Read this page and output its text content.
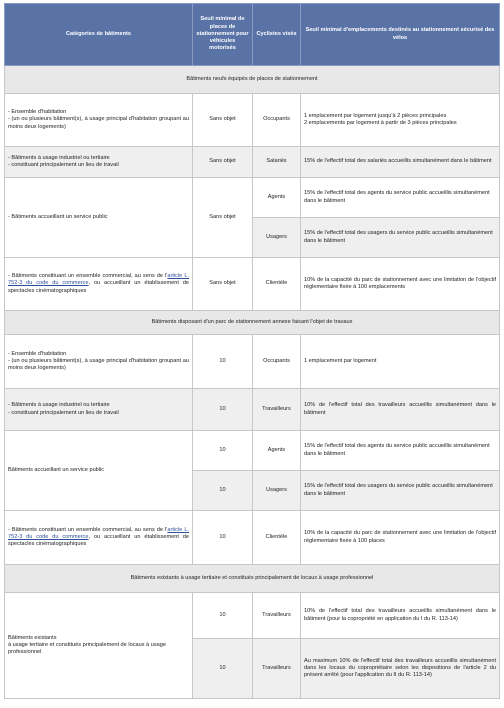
Catégories de bâtiments	Seuil minimal de places de stationnement pour véhicules motorisés	Cyclistes visés	Seuil minimal d'emplacements destinés au stationnement sécurisé des vélos
Bâtiments neufs équipés de places de stationnement			
- Ensemble d'habitation
- (un ou plusieurs bâtiment(s), à usage principal d'habitation groupant au moins deux logements)	Sans objet	Occupants	1 emplacement par logement jusqu'à 2 pièces principales
2 emplacements par logement à partir de 3 pièces principales
- Bâtiments à usage industriel ou tertiaire
- constituant principalement un lieu de travail	Sans objet	Salariés	15% de l'effectif total des salariés accueillis simultanément dans le bâtiment
- Bâtiments accueillant un service public	Sans objet	Agents	15% de l'effectif total des agents du service public accueillis simultanément dans le bâtiment
		Usagers	15% de l'effectif total des usagers du service public accueillis simultanément dans le bâtiment
- Bâtiments constituant un ensemble commercial, au sens de l'article L. 752-3 du code du commerce, ou accueillant un établissement de spectacles cinématographiques	Sans objet	Clientèle	10% de la capacité du parc de stationnement avec une limitation de l'objectif réglementaire fixée à 100 emplacements
Bâtiments disposant d'un parc de stationnement annexe faisant l'objet de travaux			
- Ensemble d'habitation
- (un ou plusieurs bâtiment(s), à usage principal d'habitation groupant au moins deux logements)	10	Occupants	1 emplacement par logement
- Bâtiments à usage industriel ou tertiaire
- constituant principalement un lieu de travail	10	Travailleurs	10% de l'effectif total des travailleurs accueillis simultanément dans le bâtiment
Bâtiments accueillant un service public	10	Agents	15% de l'effectif total des agents du service public accueillis simultanément dans le bâtiment
	10	Usagers	15% de l'effectif total des usagers du service public accueillis simultanément dans le bâtiment
- Bâtiments constituant un ensemble commercial, au sens de l'article L. 752-3 du code du commerce, ou accueillant un établissement de spectacles cinématographiques	10	Clientèle	10% de la capacité du parc de stationnement avec une limitation de l'objectif réglementaire fixée à 100 places
Bâtiments existants à usage tertiaire et constitués principalement de locaux à usage professionnel			
Bâtiments existants
à usage tertiaire et constitués principalement de locaux à usage professionnel	10	Travailleurs	10% de l'effectif total des travailleurs accueillis simultanément dans le bâtiment (pour la copropriété en application du I du R. 113-14)
	10	Travailleurs	Au maximum 10% de l'effectif total des travailleurs accueillis simultanément dans les locaux du copropriétaire selon les dispositions de l'article 2 du présent arrêté (pour l'application du II du R. 113-14)
